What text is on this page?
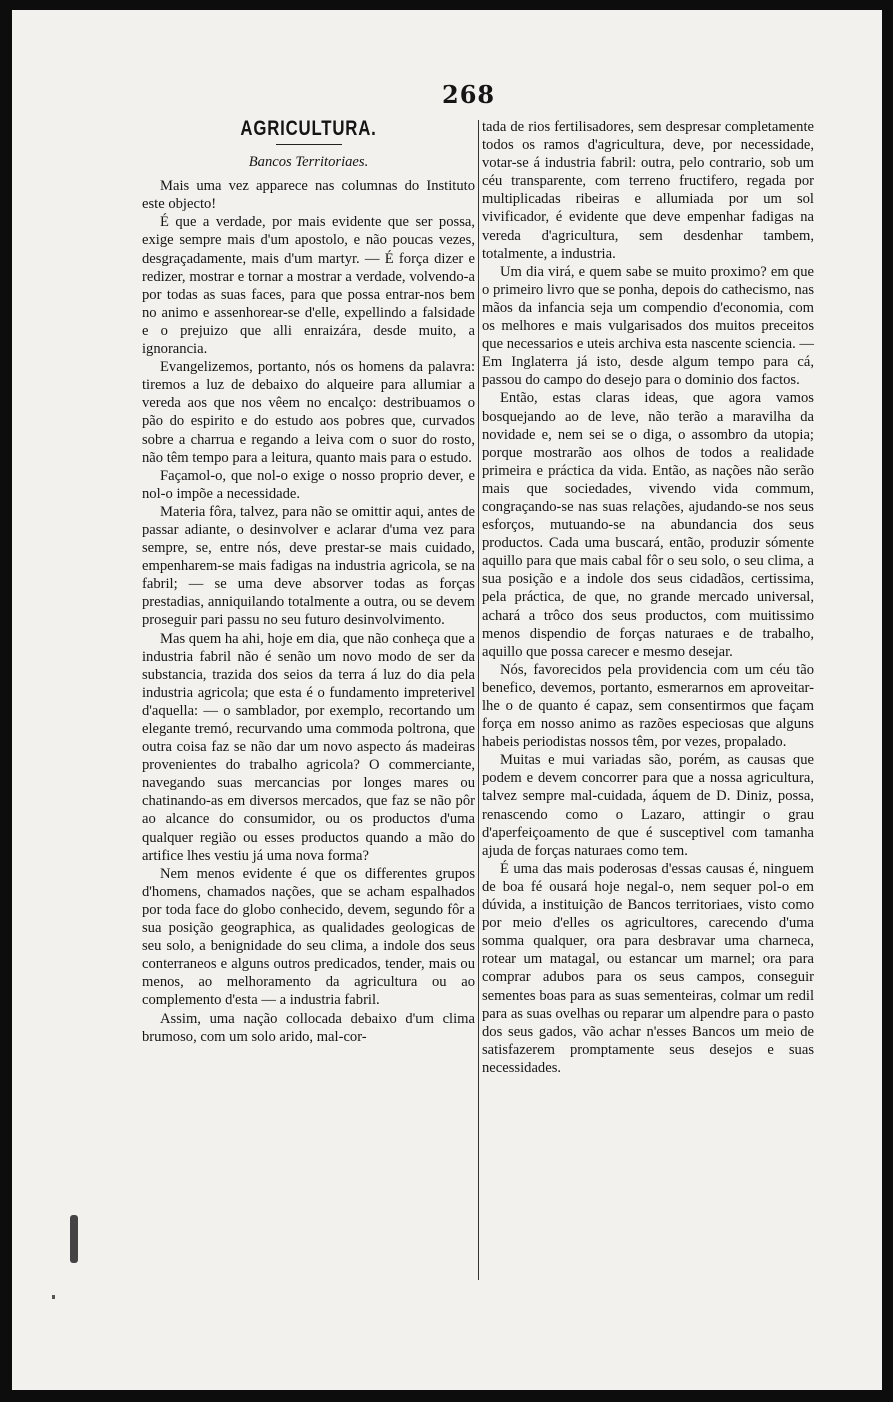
268
AGRICULTURA.
Bancos Territoriaes.

Mais uma vez apparece nas columnas do Instituto este objecto!

É que a verdade, por mais evidente que ser possa, exige sempre mais d'um apostolo, e não poucas vezes, desgraçadamente, mais d'um martyr. — É força dizer e redizer, mostrar e tornar a mostrar a verdade, volvendo-a por todas as suas faces, para que possa entrar-nos bem no animo e assenhorear-se d'elle, expellindo a falsidade e o prejuizo que alli enraizára, desde muito, a ignorancia.

Evangelizemos, portanto, nós os homens da palavra: tiremos a luz de debaixo do alqueire para allumiar a vereda aos que nos vêem no encalço: destribuamos o pão do espirito e do estudo aos pobres que, curvados sobre a charrua e regando a leiva com o suor do rosto, não têm tempo para a leitura, quanto mais para o estudo.

Façamol-o, que nol-o exige o nosso proprio dever, e nol-o impõe a necessidade.

Materia fôra, talvez, para não se omittir aqui, antes de passar adiante, o desinvolver e aclarar d'uma vez para sempre, se, entre nós, deve prestar-se mais cuidado, empenharem-se mais fadigas na industria agricola, se na fabril; — se uma deve absorver todas as forças prestadias, anniquilando totalmente a outra, ou se devem proseguir pari passu no seu futuro desinvolvimento.

Mas quem ha ahi, hoje em dia, que não conheça que a industria fabril não é senão um novo modo de ser da substancia, trazida dos seios da terra á luz do dia pela industria agricola; que esta é o fundamento impreterivel d'aquella: — o samblador, por exemplo, recortando um elegante tremó, recurvando uma commoda poltrona, que outra coisa faz se não dar um novo aspecto ás madeiras provenientes do trabalho agricola? O commerciante, navegando suas mercancias por longes mares ou chatinando-as em diversos mercados, que faz se não pôr ao alcance do consumidor, ou os productos d'uma qualquer região ou esses productos quando a mão do artifice lhes vestiu já uma nova forma?

Nem menos evidente é que os differentes grupos d'homens, chamados nações, que se acham espalhados por toda face do globo conhecido, devem, segundo fôr a sua posição geographica, as qualidades geologicas de seu solo, a benignidade do seu clima, a indole dos seus conterraneos e alguns outros predicados, tender, mais ou menos, ao melhoramento da agricultura ou ao complemento d'esta — a industria fabril.

Assim, uma nação collocada debaixo d'um clima brumoso, com um solo arido, mal-cor-

tada de rios fertilisadores, sem despresar completamente todos os ramos d'agricultura, deve, por necessidade, votar-se á industria fabril: outra, pelo contrario, sob um céu transparente, com terreno fructifero, regada por multiplicadas ribeiras e allumiada por um sol vivificador, é evidente que deve empenhar fadigas na vereda d'agricultura, sem desdenhar tambem, totalmente, a industria.

Um dia virá, e quem sabe se muito proximo? em que o primeiro livro que se ponha, depois do cathecismo, nas mãos da infancia seja um compendio d'economia, com os melhores e mais vulgarisados dos muitos preceitos que necessarios e uteis archiva esta nascente sciencia. — Em Inglaterra já isto, desde algum tempo para cá, passou do campo do desejo para o dominio dos factos.

Então, estas claras ideas, que agora vamos bosquejando ao de leve, não terão a maravilha da novidade e, nem sei se o diga, o assombro da utopia; porque mostrarão aos olhos de todos a realidade primeira e práctica da vida. Então, as nações não serão mais que sociedades, vivendo vida commum, congraçando-se nas suas relações, ajudando-se nos seus esforços, mutuando-se na abundancia dos seus productos. Cada uma buscará, então, produzir sómente aquillo para que mais cabal fôr o seu solo, o seu clima, a sua posição e a indole dos seus cidadãos, certissima, pela práctica, de que, no grande mercado universal, achará a trôco dos seus productos, com muitissimo menos dispendio de forças naturaes e de trabalho, aquillo que possa carecer e mesmo desejar.

Nós, favorecidos pela providencia com um céu tão benefico, devemos, portanto, esmerarnos em aproveitar-lhe o de quanto é capaz, sem consentirmos que façam força em nosso animo as razões especiosas que alguns habeis periodistas nossos têm, por vezes, propalado.

Muitas e mui variadas são, porém, as causas que podem e devem concorrer para que a nossa agricultura, talvez sempre mal-cuidada, áquem de D. Diniz, possa, renascendo como o Lazaro, attingir o grau d'aperfeiçoamento de que é susceptivel com tamanha ajuda de forças naturaes como tem.

É uma das mais poderosas d'essas causas é, ninguem de boa fé ousará hoje negal-o, nem sequer pol-o em dúvida, a instituição de Bancos territoriaes, visto como por meio d'elles os agricultores, carecendo d'uma somma qualquer, ora para desbravar uma charneca, rotear um matagal, ou estancar um marnel; ora para comprar adubos para os seus campos, conseguir sementes boas para as suas sementeiras, colmar um redil para as suas ovelhas ou reparar um alpendre para o pasto dos seus gados, vão achar n'esses Bancos um meio de satisfazerem promptamente seus desejos e suas necessidades.
